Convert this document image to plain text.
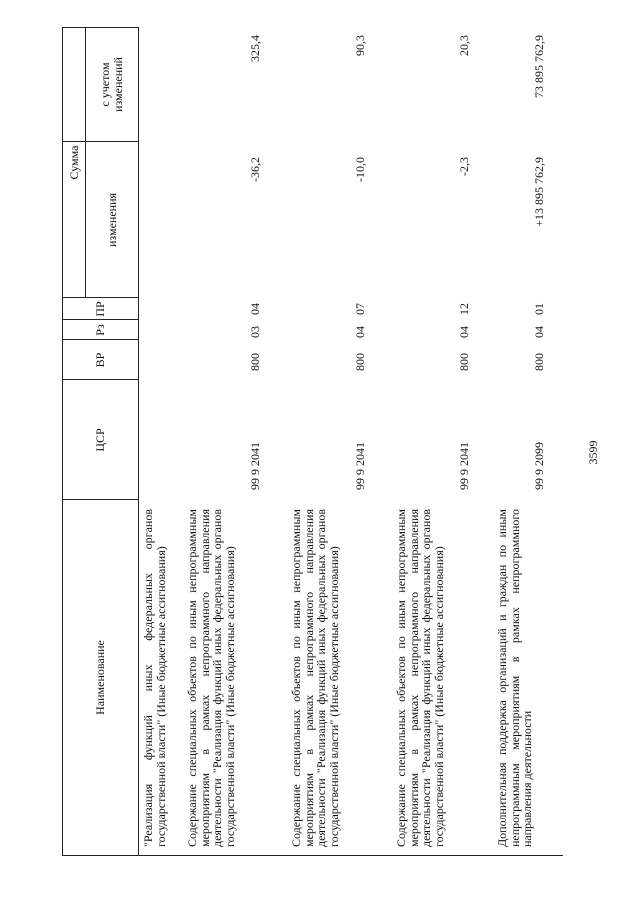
3599
Наименование
ЦСР
ВР
Рз
ПР
Сумма
изменения
с учетом изменений
"Реализация функций иных федеральных органов государственной власти" (Иные бюджетные ассигнования) Содержание специальных объектов по иным непрограммным мероприятиям в рамках непрограммного направления деятельности "Реализация функций иных федеральных органов государственной власти" (Иные бюджетные ассигнования)
99 9 2041
800
03
04
-36,2
325,4
Содержание специальных объектов по иным непрограммным мероприятиям в рамках непрограммного направления деятельности "Реализация функций иных федеральных органов государственной власти" (Иные бюджетные ассигнования)
99 9 2041
800
04
07
-10,0
90,3
Содержание специальных объектов по иным непрограммным мероприятиям в рамках непрограммного направления деятельности "Реализация функций иных федеральных органов государственной власти" (Иные бюджетные ассигнования)
99 9 2041
800
04
12
-2,3
20,3
Дополнительная поддержка организаций и граждан по иным непрограммным мероприятиям в рамках непрограммного направления деятельности
99 9 2099
800
04
01
+13 895 762,9
73 895 762,9
